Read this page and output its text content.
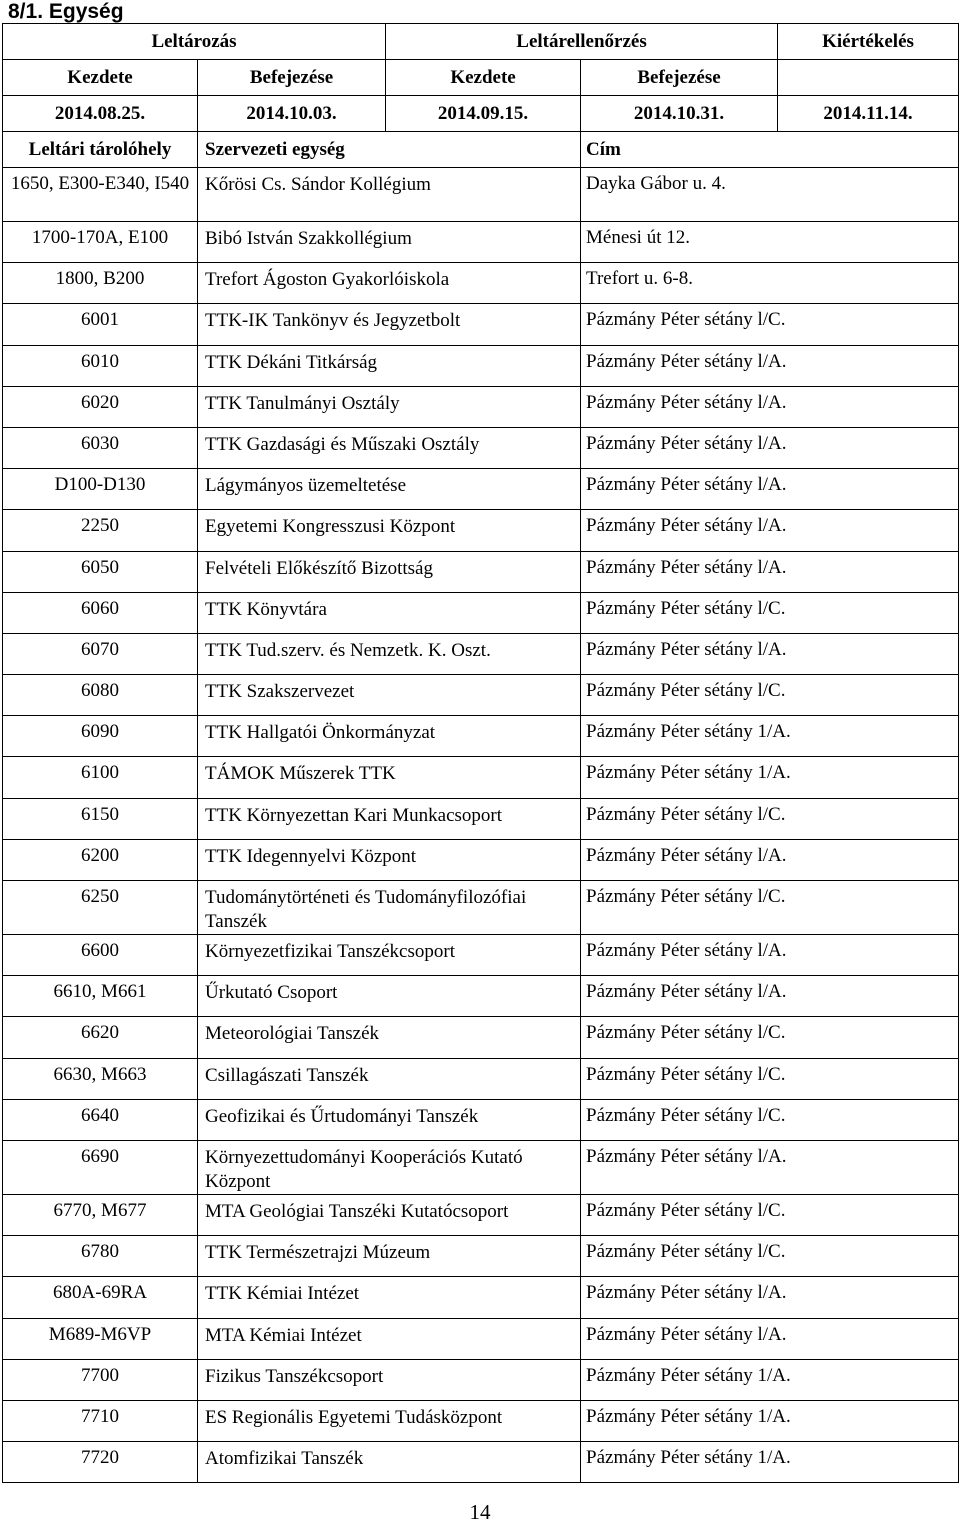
8/1. Egység
Leltározás		Leltárellenőrzés		Kiértékelés
Kezdete	Befejezése	Kezdete	Befejezése	
2014.08.25.	2014.10.03.	2014.09.15.	2014.10.31.	2014.11.14.
Leltári tárolóhely	Szervezeti egység		Cím	
1650, E300-E340, I540	Kőrösi Cs. Sándor Kollégium		Dayka Gábor u. 4.	
1700-170A, E100	Bibó István Szakkollégium		Ménesi út 12.	
1800, B200	Trefort Ágoston Gyakorlóiskola		Trefort u. 6-8.	
6001	TTK-IK Tankönyv és Jegyzetbolt		Pázmány Péter sétány l/C.	
6010	TTK Dékáni Titkárság		Pázmány Péter sétány l/A.	
6020	TTK Tanulmányi Osztály		Pázmány Péter sétány l/A.	
6030	TTK Gazdasági és Műszaki Osztály		Pázmány Péter sétány l/A.	
D100-D130	Lágymányos üzemeltetése		Pázmány Péter sétány l/A.	
2250	Egyetemi Kongresszusi Központ		Pázmány Péter sétány l/A.	
6050	Felvételi Előkészítő Bizottság		Pázmány Péter sétány l/A.	
6060	TTK Könyvtára		Pázmány Péter sétány l/C.	
6070	TTK Tud.szerv. és Nemzetk. K. Oszt.		Pázmány Péter sétány l/A.	
6080	TTK Szakszervezet		Pázmány Péter sétány l/C.	
6090	TTK Hallgatói Önkormányzat		Pázmány Péter sétány 1/A.	
6100	TÁMOK Műszerek TTK		Pázmány Péter sétány 1/A.	
6150	TTK Környezettan Kari Munkacsoport		Pázmány Péter sétány l/C.	
6200	TTK Idegennyelvi Központ		Pázmány Péter sétány l/A.	
6250	Tudománytörténeti és Tudományfilozófiai Tanszék		Pázmány Péter sétány l/C.	
6600	Környezetfizikai Tanszékcsoport		Pázmány Péter sétány l/A.	
6610, M661	Űrkutató Csoport		Pázmány Péter sétány l/A.	
6620	Meteorológiai Tanszék		Pázmány Péter sétány l/C.	
6630, M663	Csillagászati Tanszék		Pázmány Péter sétány l/C.	
6640	Geofizikai és Űrtudományi Tanszék		Pázmány Péter sétány l/C.	
6690	Környezettudományi Kooperációs Kutató Központ		Pázmány Péter sétány l/A.	
6770, M677	MTA Geológiai Tanszéki Kutatócsoport		Pázmány Péter sétány l/C.	
6780	TTK Természetrajzi Múzeum		Pázmány Péter sétány l/C.	
680A-69RA	TTK Kémiai Intézet		Pázmány Péter sétány l/A.	
M689-M6VP	MTA Kémiai Intézet		Pázmány Péter sétány l/A.	
7700	Fizikus Tanszékcsoport		Pázmány Péter sétány 1/A.	
7710	ES Regionális Egyetemi Tudásközpont		Pázmány Péter sétány 1/A.	
7720	Atomfizikai Tanszék		Pázmány Péter sétány 1/A.	
14
